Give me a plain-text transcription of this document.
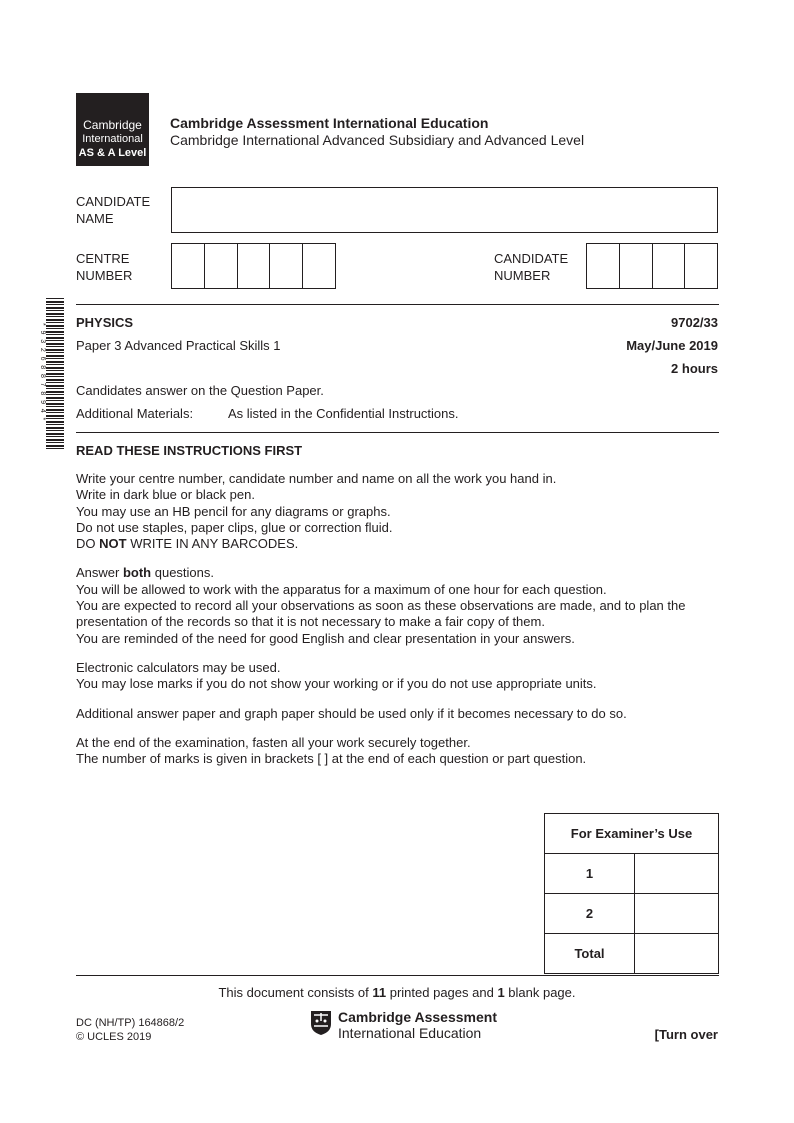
Cambridge
International
AS & A Level
Cambridge Assessment International Education
Cambridge International Advanced Subsidiary and Advanced Level
CANDIDATE
NAME
CENTRE
NUMBER
CANDIDATE
NUMBER
*9326887894*
PHYSICS	9702/33
Paper 3 Advanced Practical Skills 1	May/June 2019
2 hours
Candidates answer on the Question Paper.
Additional Materials:	As listed in the Confidential Instructions.
READ THESE INSTRUCTIONS FIRST

Write your centre number, candidate number and name on all the work you hand in.
Write in dark blue or black pen.
You may use an HB pencil for any diagrams or graphs.
Do not use staples, paper clips, glue or correction fluid.
DO NOT WRITE IN ANY BARCODES.

Answer both questions.
You will be allowed to work with the apparatus for a maximum of one hour for each question.
You are expected to record all your observations as soon as these observations are made, and to plan the presentation of the records so that it is not necessary to make a fair copy of them.
You are reminded of the need for good English and clear presentation in your answers.

Electronic calculators may be used.
You may lose marks if you do not show your working or if you do not use appropriate units.

Additional answer paper and graph paper should be used only if it becomes necessary to do so.

At the end of the examination, fasten all your work securely together.
The number of marks is given in brackets [ ] at the end of each question or part question.

For Examiner’s Use	
1	
2	
Total	
This document consists of 11 printed pages and 1 blank page.
DC (NH/TP) 164868/2
© UCLES 2019
Cambridge Assessment
International Education	[Turn over
